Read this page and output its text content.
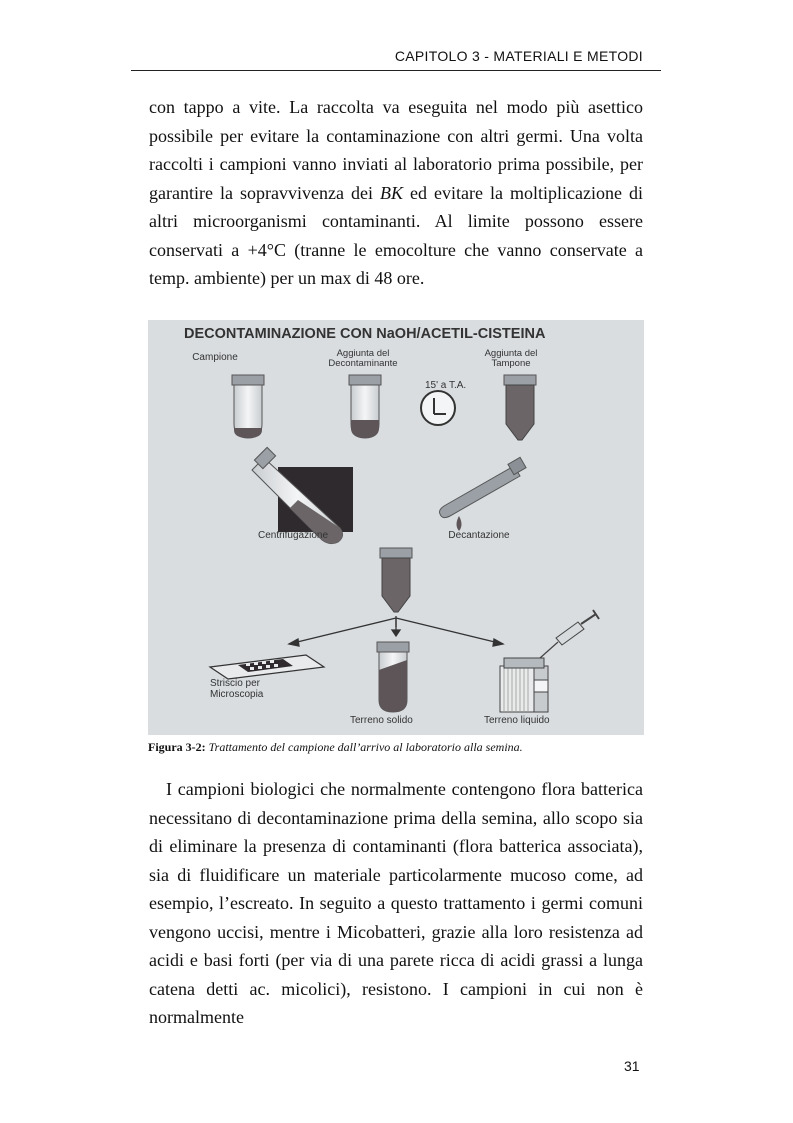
CAPITOLO 3 - MATERIALI E METODI

con tappo a vite. La raccolta va eseguita nel modo più asettico possibile per evitare la contaminazione con altri germi. Una volta raccolti i campioni vanno inviati al laboratorio prima possibile, per garantire la sopravvivenza dei BK ed evitare la moltiplicazione di altri microorganismi contaminanti. Al limite possono essere conservati a +4°C (tranne le emocolture che vanno conservate a temp. ambiente) per un max di 48 ore.

DECONTAMINAZIONE CON NaOH/ACETIL-CISTEINA
Campione	Aggiunta del Decontaminante
Aggiunta del Tampone
15' a T.A.
Centrifugazione	Decantazione
Striscio per Microscopia
Terreno solido	Terreno liquido
Figura 3-2: Trattamento del campione dall’arrivo al laboratorio alla semina.

I campioni biologici che normalmente contengono flora batterica necessitano di decontaminazione prima della semina, allo scopo sia di eliminare la presenza di contaminanti (flora batterica associata), sia di fluidificare un materiale particolarmente mucoso come, ad esempio, l’escreato. In seguito a questo trattamento i germi comuni vengono uccisi, mentre i Micobatteri, grazie alla loro resistenza ad acidi e basi forti (per via di una parete ricca di acidi grassi a lunga catena detti ac. micolici), resistono. I campioni in cui non è normalmente

31
